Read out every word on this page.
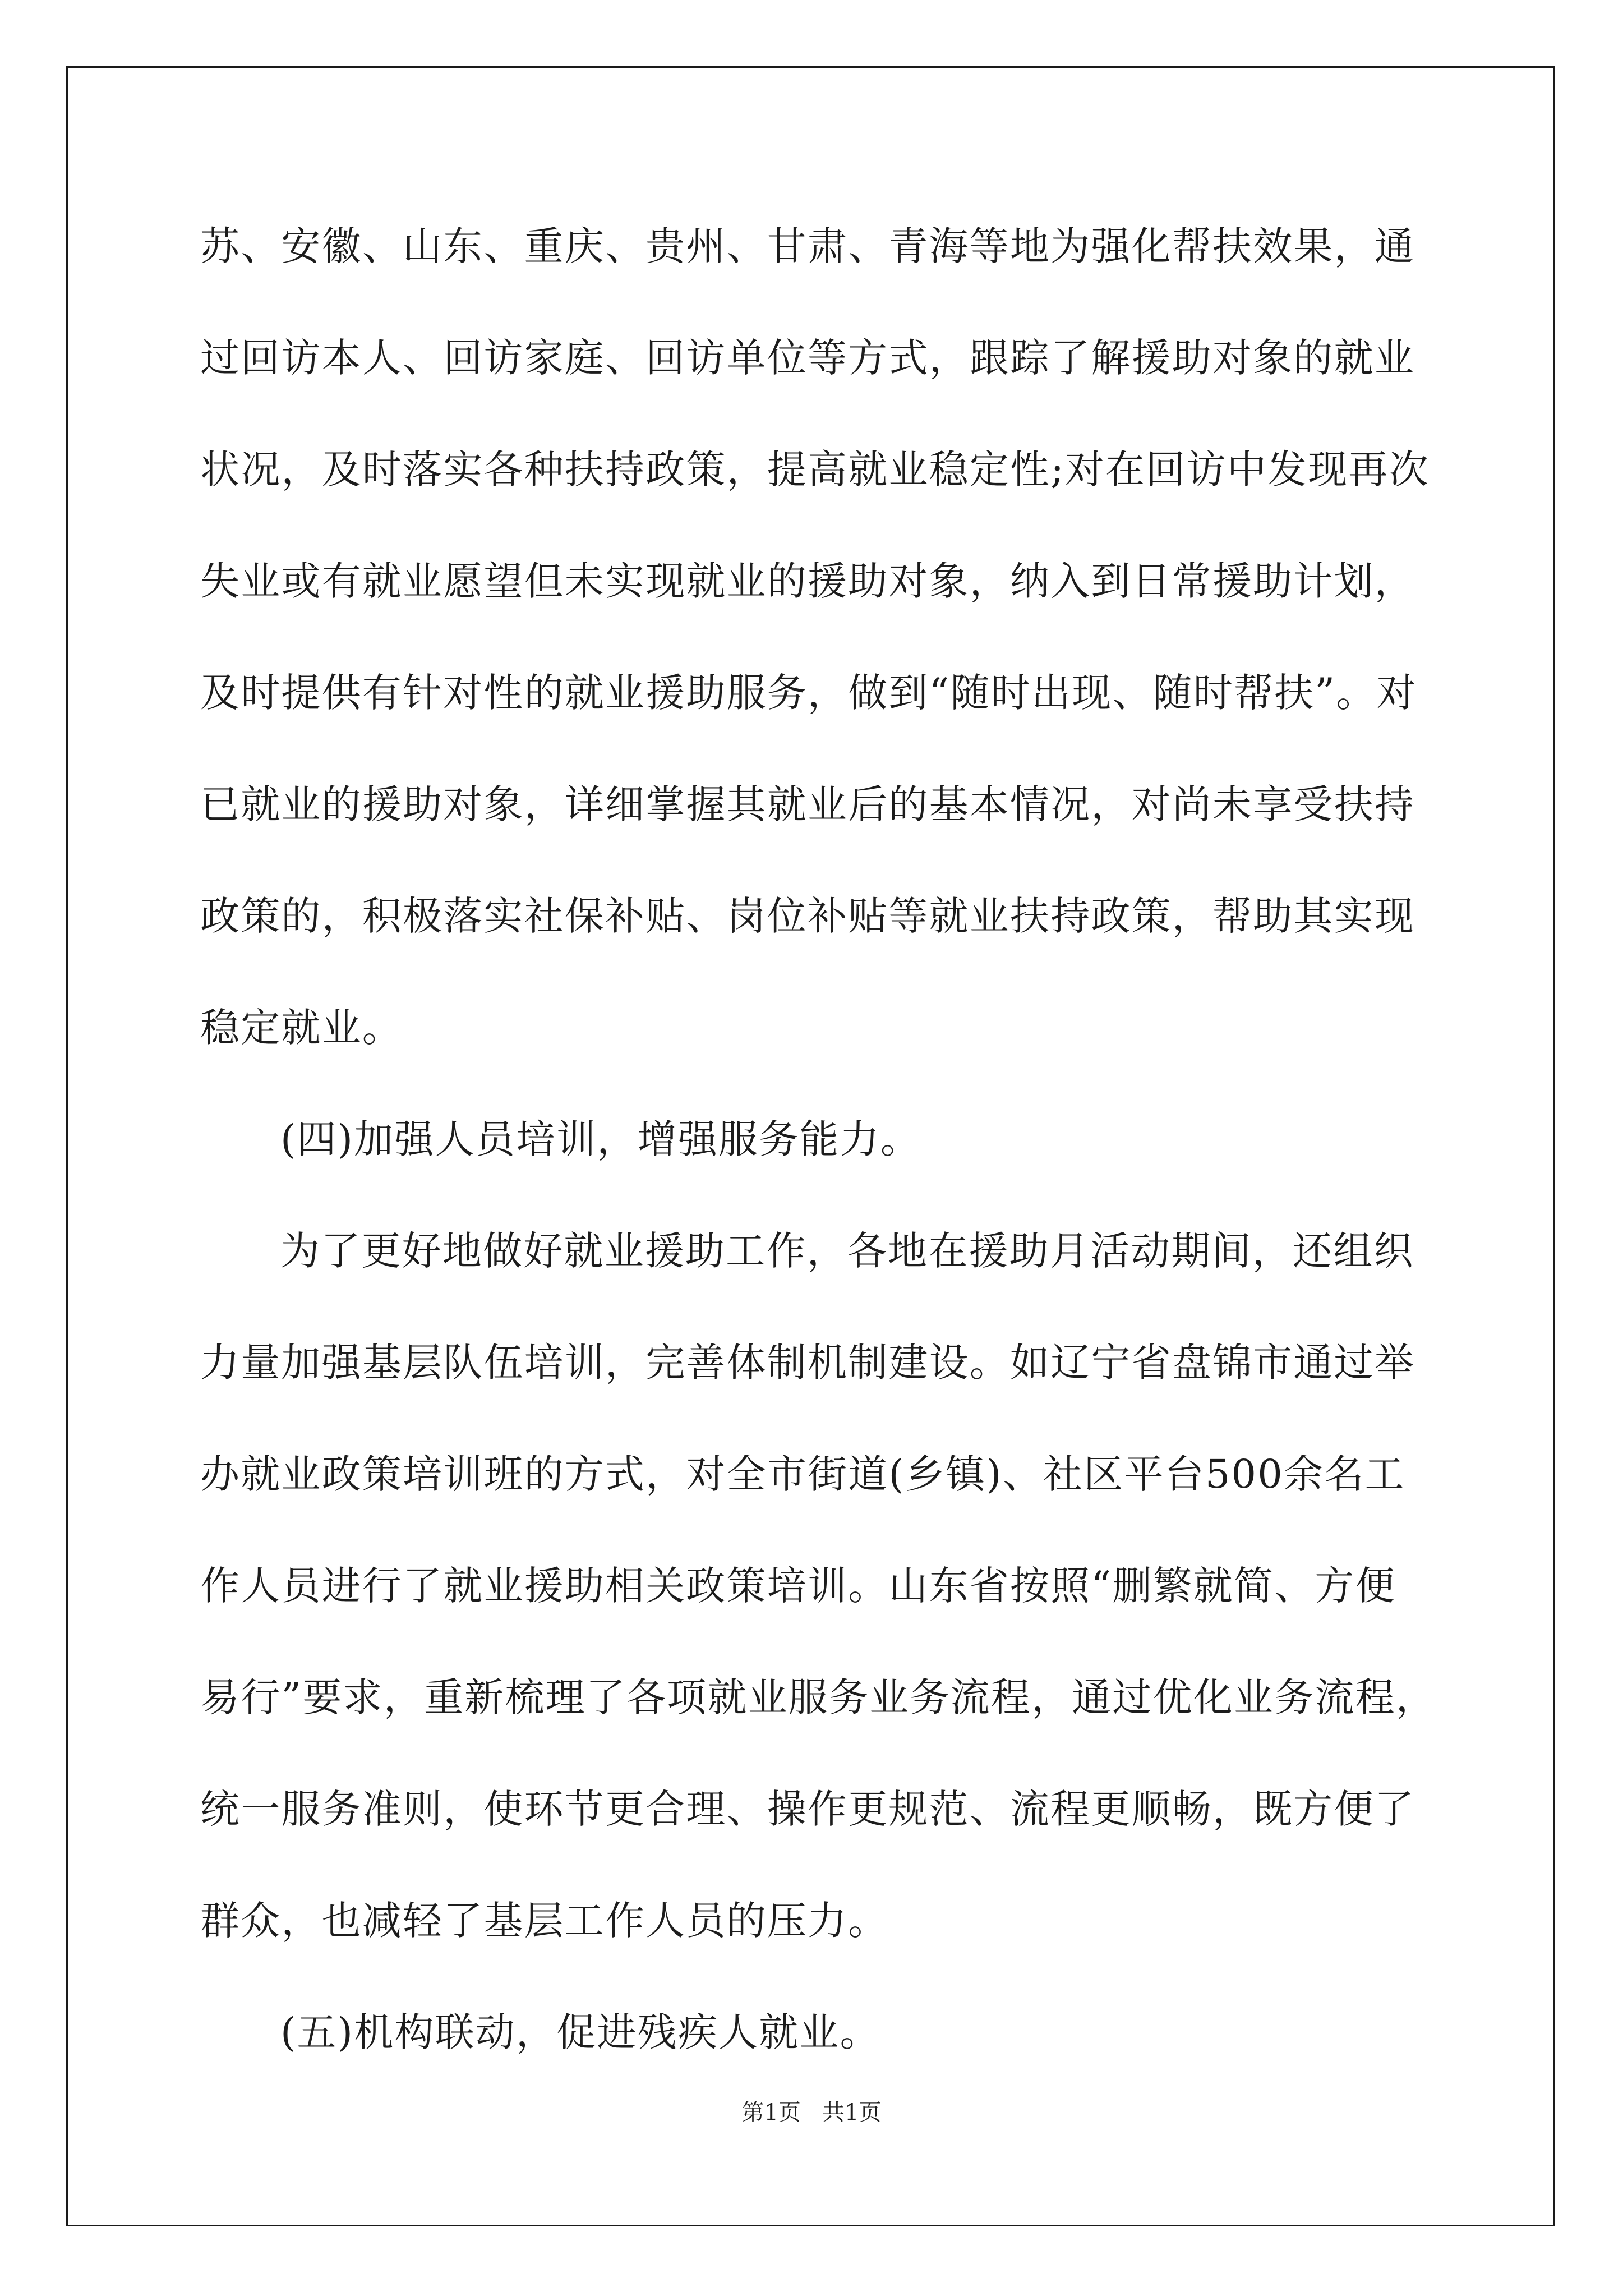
苏、安徽、山东、重庆、贵州、甘肃、青海等地为强化帮扶效果，通

过回访本人、回访家庭、回访单位等方式，跟踪了解援助对象的就业

状况，及时落实各种扶持政策，提高就业稳定性;对在回访中发现再次

失业或有就业愿望但未实现就业的援助对象，纳入到日常援助计划，

及时提供有针对性的就业援助服务，做到“随时出现、随时帮扶”。对

已就业的援助对象，详细掌握其就业后的基本情况，对尚未享受扶持

政策的，积极落实社保补贴、岗位补贴等就业扶持政策，帮助其实现

稳定就业。

(四)加强人员培训，增强服务能力。

为了更好地做好就业援助工作，各地在援助月活动期间，还组织

力量加强基层队伍培训，完善体制机制建设。如辽宁省盘锦市通过举

办就业政策培训班的方式，对全市街道(乡镇)、社区平台500余名工

作人员进行了就业援助相关政策培训。山东省按照“删繁就简、方便

易行”要求，重新梳理了各项就业服务业务流程，通过优化业务流程，

统一服务准则，使环节更合理、操作更规范、流程更顺畅，既方便了

群众，也减轻了基层工作人员的压力。

(五)机构联动，促进残疾人就业。

第1页   共1页
